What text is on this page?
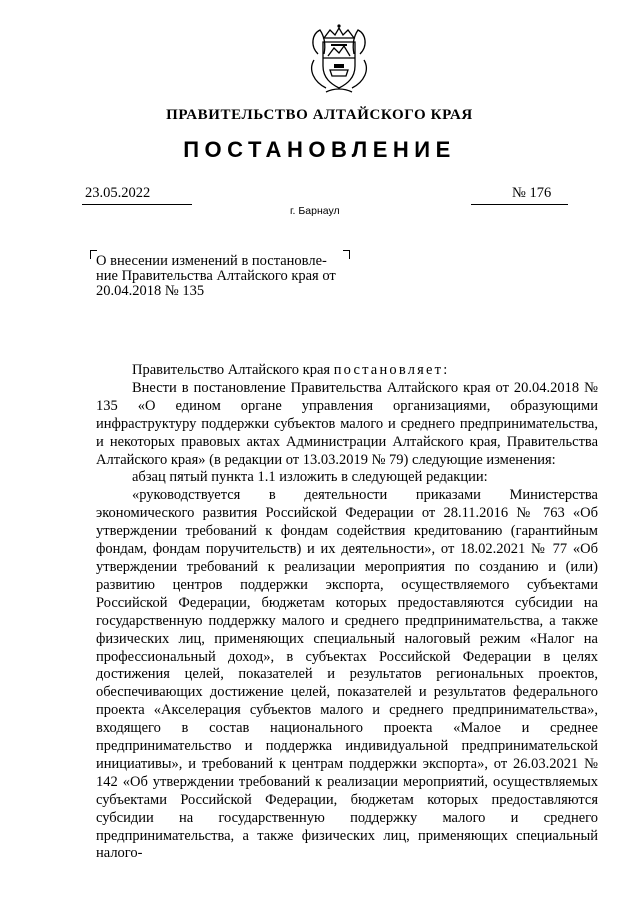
ПРАВИТЕЛЬСТВО АЛТАЙСКОГО КРАЯ
ПОСТАНОВЛЕНИЕ
23.05.2022	№ 176
г. Барнаул
О внесении изменений в постановле-
ние Правительства Алтайского края от
20.04.2018 № 135

Правительство Алтайского края постановляет:

Внести в постановление Правительства Алтайского края от 20.04.2018 № 135 «О едином органе управления организациями, образующими инфраструктуру поддержки субъектов малого и среднего предпринимательства, и некоторых правовых актах Администрации Алтайского края, Правительства Алтайского края» (в редакции от 13.03.2019 № 79) следующие изменения:

абзац пятый пункта 1.1 изложить в следующей редакции:

«руководствуется в деятельности приказами Министерства экономического развития Российской Федерации от 28.11.2016 № 763 «Об утверждении требований к фондам содействия кредитованию (гарантийным фондам, фондам поручительств) и их деятельности», от 18.02.2021 № 77 «Об утверждении требований к реализации мероприятия по созданию и (или) развитию центров поддержки экспорта, осуществляемого субъектами Российской Федерации, бюджетам которых предоставляются субсидии на государственную поддержку малого и среднего предпринимательства, а также физических лиц, применяющих специальный налоговый режим «Налог на профессиональный доход», в субъектах Российской Федерации в целях достижения целей, показателей и результатов региональных проектов, обеспечивающих достижение целей, показателей и результатов федерального проекта «Акселерация субъектов малого и среднего предпринимательства», входящего в состав национального проекта «Малое и среднее предпринимательство и поддержка индивидуальной предпринимательской инициативы», и требований к центрам поддержки экспорта», от 26.03.2021 № 142 «Об утверждении требований к реализации мероприятий, осуществляемых субъектами Российской Федерации, бюджетам которых предоставляются субсидии на государственную поддержку малого и среднего предпринимательства, а также физических лиц, применяющих специальный налого-
